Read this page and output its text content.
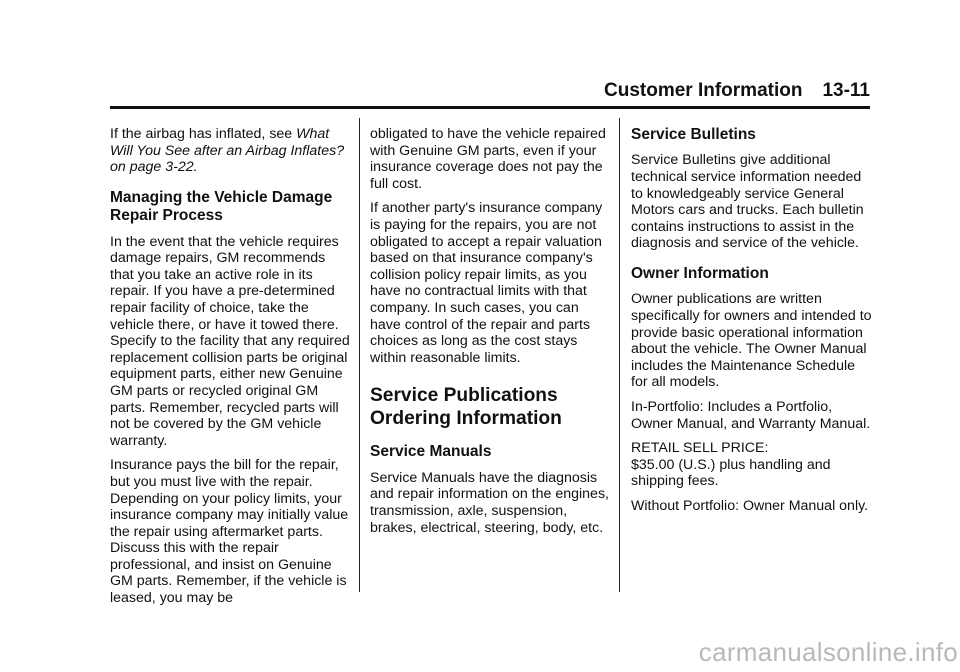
Customer Information 13-11

If the airbag has inflated, see What Will You See after an Airbag Inflates? on page 3-22.

Managing the Vehicle Damage Repair Process

In the event that the vehicle requires damage repairs, GM recommends that you take an active role in its repair. If you have a pre-determined repair facility of choice, take the vehicle there, or have it towed there. Specify to the facility that any required replacement collision parts be original equipment parts, either new Genuine GM parts or recycled original GM parts. Remember, recycled parts will not be covered by the GM vehicle warranty.

Insurance pays the bill for the repair, but you must live with the repair. Depending on your policy limits, your insurance company may initially value the repair using aftermarket parts. Discuss this with the repair professional, and insist on Genuine GM parts. Remember, if the vehicle is leased, you may be

obligated to have the vehicle repaired with Genuine GM parts, even if your insurance coverage does not pay the full cost.

If another party's insurance company is paying for the repairs, you are not obligated to accept a repair valuation based on that insurance company's collision policy repair limits, as you have no contractual limits with that company. In such cases, you can have control of the repair and parts choices as long as the cost stays within reasonable limits.

Service Publications Ordering Information
Service Manuals

Service Manuals have the diagnosis and repair information on the engines, transmission, axle, suspension, brakes, electrical, steering, body, etc.

Service Bulletins

Service Bulletins give additional technical service information needed to knowledgeably service General Motors cars and trucks. Each bulletin contains instructions to assist in the diagnosis and service of the vehicle.

Owner Information

Owner publications are written specifically for owners and intended to provide basic operational information about the vehicle. The Owner Manual includes the Maintenance Schedule for all models.

In-Portfolio: Includes a Portfolio, Owner Manual, and Warranty Manual.

RETAIL SELL PRICE:
$35.00 (U.S.) plus handling and shipping fees.

Without Portfolio: Owner Manual only.

carmanualsonline.info
